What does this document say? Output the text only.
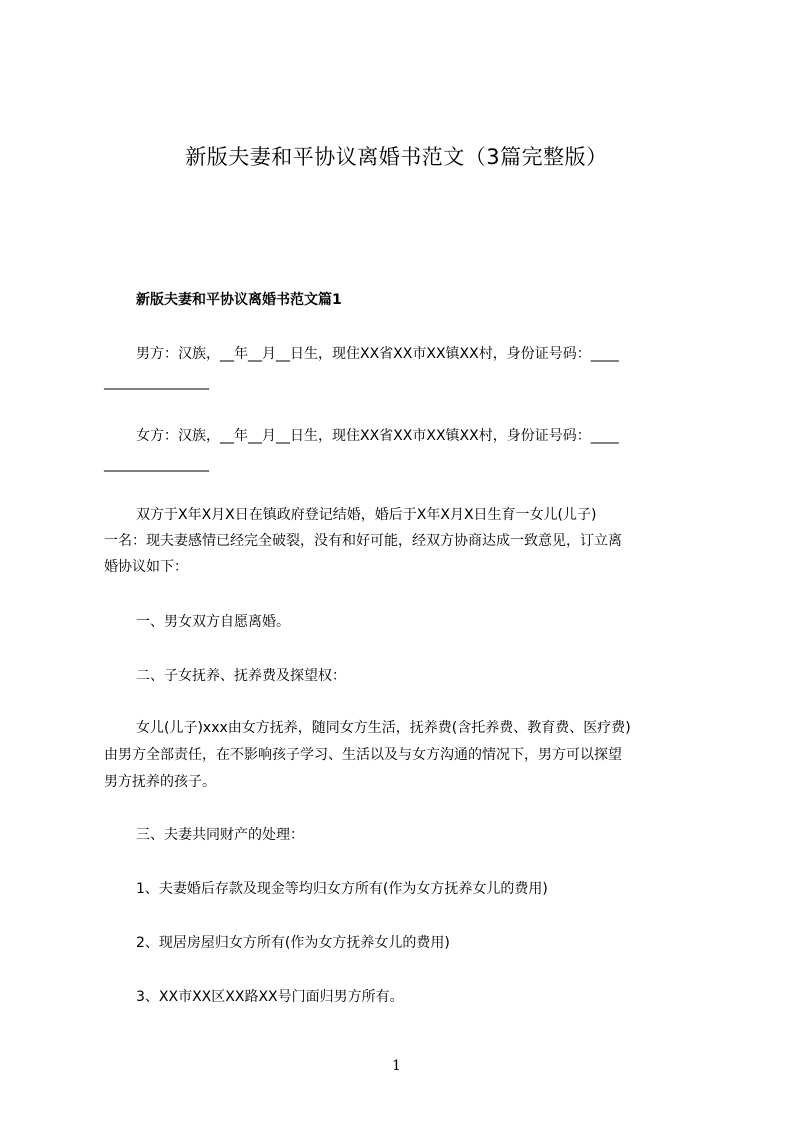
新版夫妻和平协议离婚书范文（3篇完整版）
新版夫妻和平协议离婚书范文篇1
男方：汉族，__年__月__日生，现住XX省XX市XX镇XX村，身份证号码：____
_______________
女方：汉族，__年__月__日生，现住XX省XX市XX镇XX村，身份证号码：____
_______________
双方于X年X月X日在镇政府登记结婚，婚后于X年X月X日生育一女儿(儿子)
一名：现夫妻感情已经完全破裂，没有和好可能，经双方协商达成一致意见，订立离
婚协议如下：
一、男女双方自愿离婚。
二、子女抚养、抚养费及探望权：
女儿(儿子)xxx由女方抚养，随同女方生活，抚养费(含托养费、教育费、医疗费)
由男方全部责任，在不影响孩子学习、生活以及与女方沟通的情况下，男方可以探望
男方抚养的孩子。
三、夫妻共同财产的处理：
1、夫妻婚后存款及现金等均归女方所有(作为女方抚养女儿的费用)
2、现居房屋归女方所有(作为女方抚养女儿的费用)
3、XX市XX区XX路XX号门面归男方所有。
1
